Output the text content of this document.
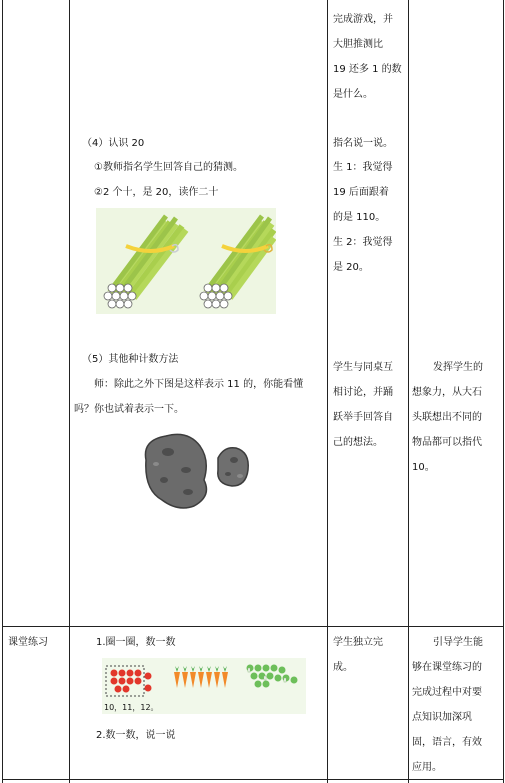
完成游戏，并
大胆推测比
19 还多 1 的数
是什么。
（4）认识 20
①教师指名学生回答自己的猜测。
②2 个十，是 20，读作二十
指名说一说。
生 1：我觉得
19 后面跟着
的是 110。
生 2：我觉得
是 20。
（5）其他种计数方法
师：除此之外下图是这样表示 11 的，你能看懂
吗？你也试着表示一下。
学生与同桌互
相讨论，并踊
跃举手回答自
己的想法。
发挥学生的
想象力，从大石
头联想出不同的
物品都可以指代
10。
课堂练习	1.圈一圈，数一数
10，11，12。
2.数一数，说一说
学生独立完
成。
引导学生能
够在课堂练习的
完成过程中对要
点知识加深巩
固，语言，有效
应用。
